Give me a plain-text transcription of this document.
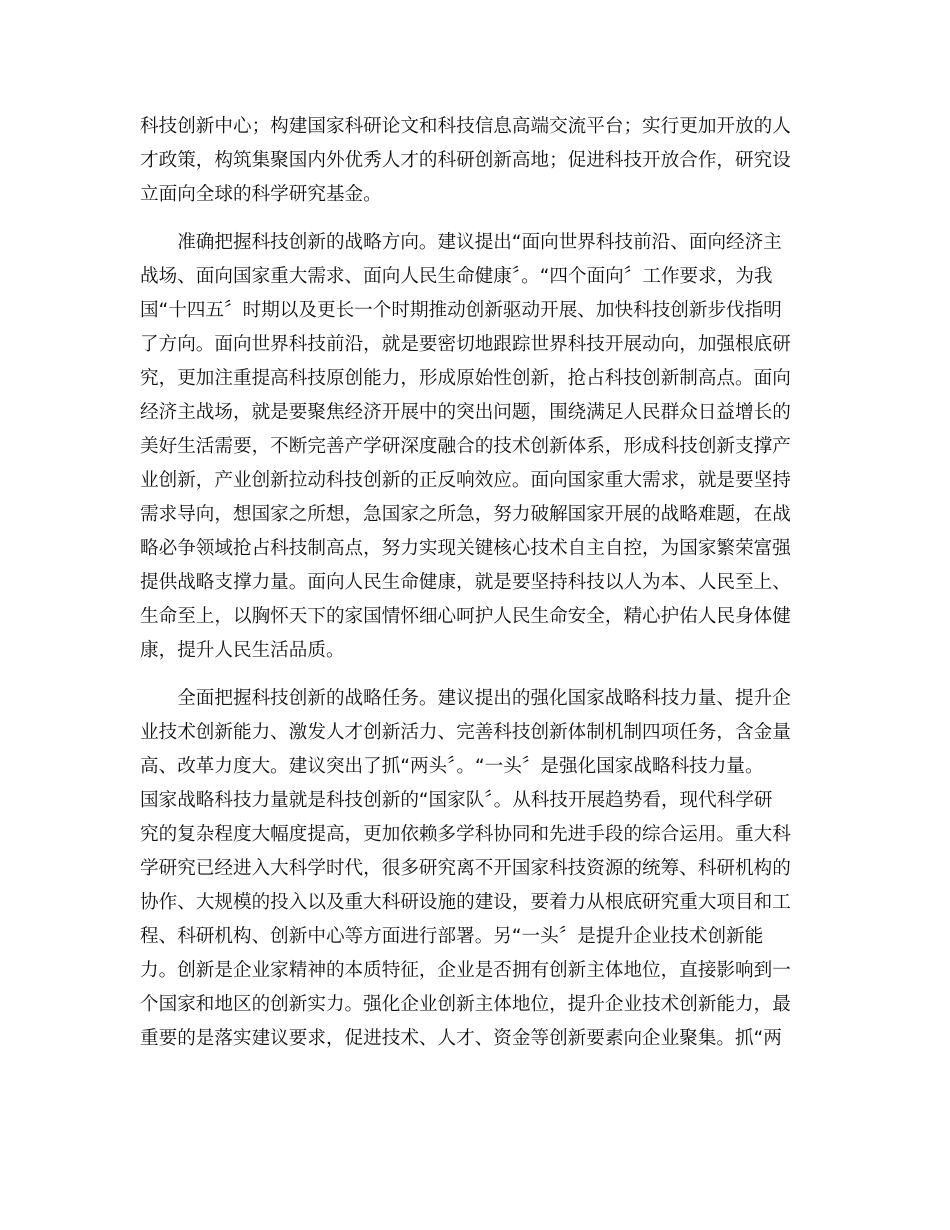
科技创新中心；构建国家科研论文和科技信息高端交流平台；实行更加开放的人
才政策，构筑集聚国内外优秀人才的科研创新高地；促进科技开放合作，研究设
立面向全球的科学研究基金。
　　准确把握科技创新的战略方向。建议提出“面向世界科技前沿、面向经济主
战场、面向国家重大需求、面向人民生命健康〞。“四个面向〞工作要求，为我
国“十四五〞时期以及更长一个时期推动创新驱动开展、加快科技创新步伐指明
了方向。面向世界科技前沿，就是要密切地跟踪世界科技开展动向，加强根底研
究，更加注重提高科技原创能力，形成原始性创新，抢占科技创新制高点。面向
经济主战场，就是要聚焦经济开展中的突出问题，围绕满足人民群众日益增长的
美好生活需要，不断完善产学研深度融合的技术创新体系，形成科技创新支撑产
业创新，产业创新拉动科技创新的正反响效应。面向国家重大需求，就是要坚持
需求导向，想国家之所想，急国家之所急，努力破解国家开展的战略难题，在战
略必争领域抢占科技制高点，努力实现关键核心技术自主自控，为国家繁荣富强
提供战略支撑力量。面向人民生命健康，就是要坚持科技以人为本、人民至上、
生命至上，以胸怀天下的家国情怀细心呵护人民生命安全，精心护佑人民身体健
康，提升人民生活品质。
　　全面把握科技创新的战略任务。建议提出的强化国家战略科技力量、提升企
业技术创新能力、激发人才创新活力、完善科技创新体制机制四项任务，含金量
高、改革力度大。建议突出了抓“两头〞。“一头〞是强化国家战略科技力量。
国家战略科技力量就是科技创新的“国家队〞。从科技开展趋势看，现代科学研
究的复杂程度大幅度提高，更加依赖多学科协同和先进手段的综合运用。重大科
学研究已经进入大科学时代，很多研究离不开国家科技资源的统筹、科研机构的
协作、大规模的投入以及重大科研设施的建设，要着力从根底研究重大项目和工
程、科研机构、创新中心等方面进行部署。另“一头〞是提升企业技术创新能
力。创新是企业家精神的本质特征，企业是否拥有创新主体地位，直接影响到一
个国家和地区的创新实力。强化企业创新主体地位，提升企业技术创新能力，最
重要的是落实建议要求，促进技术、人才、资金等创新要素向企业聚集。抓“两
